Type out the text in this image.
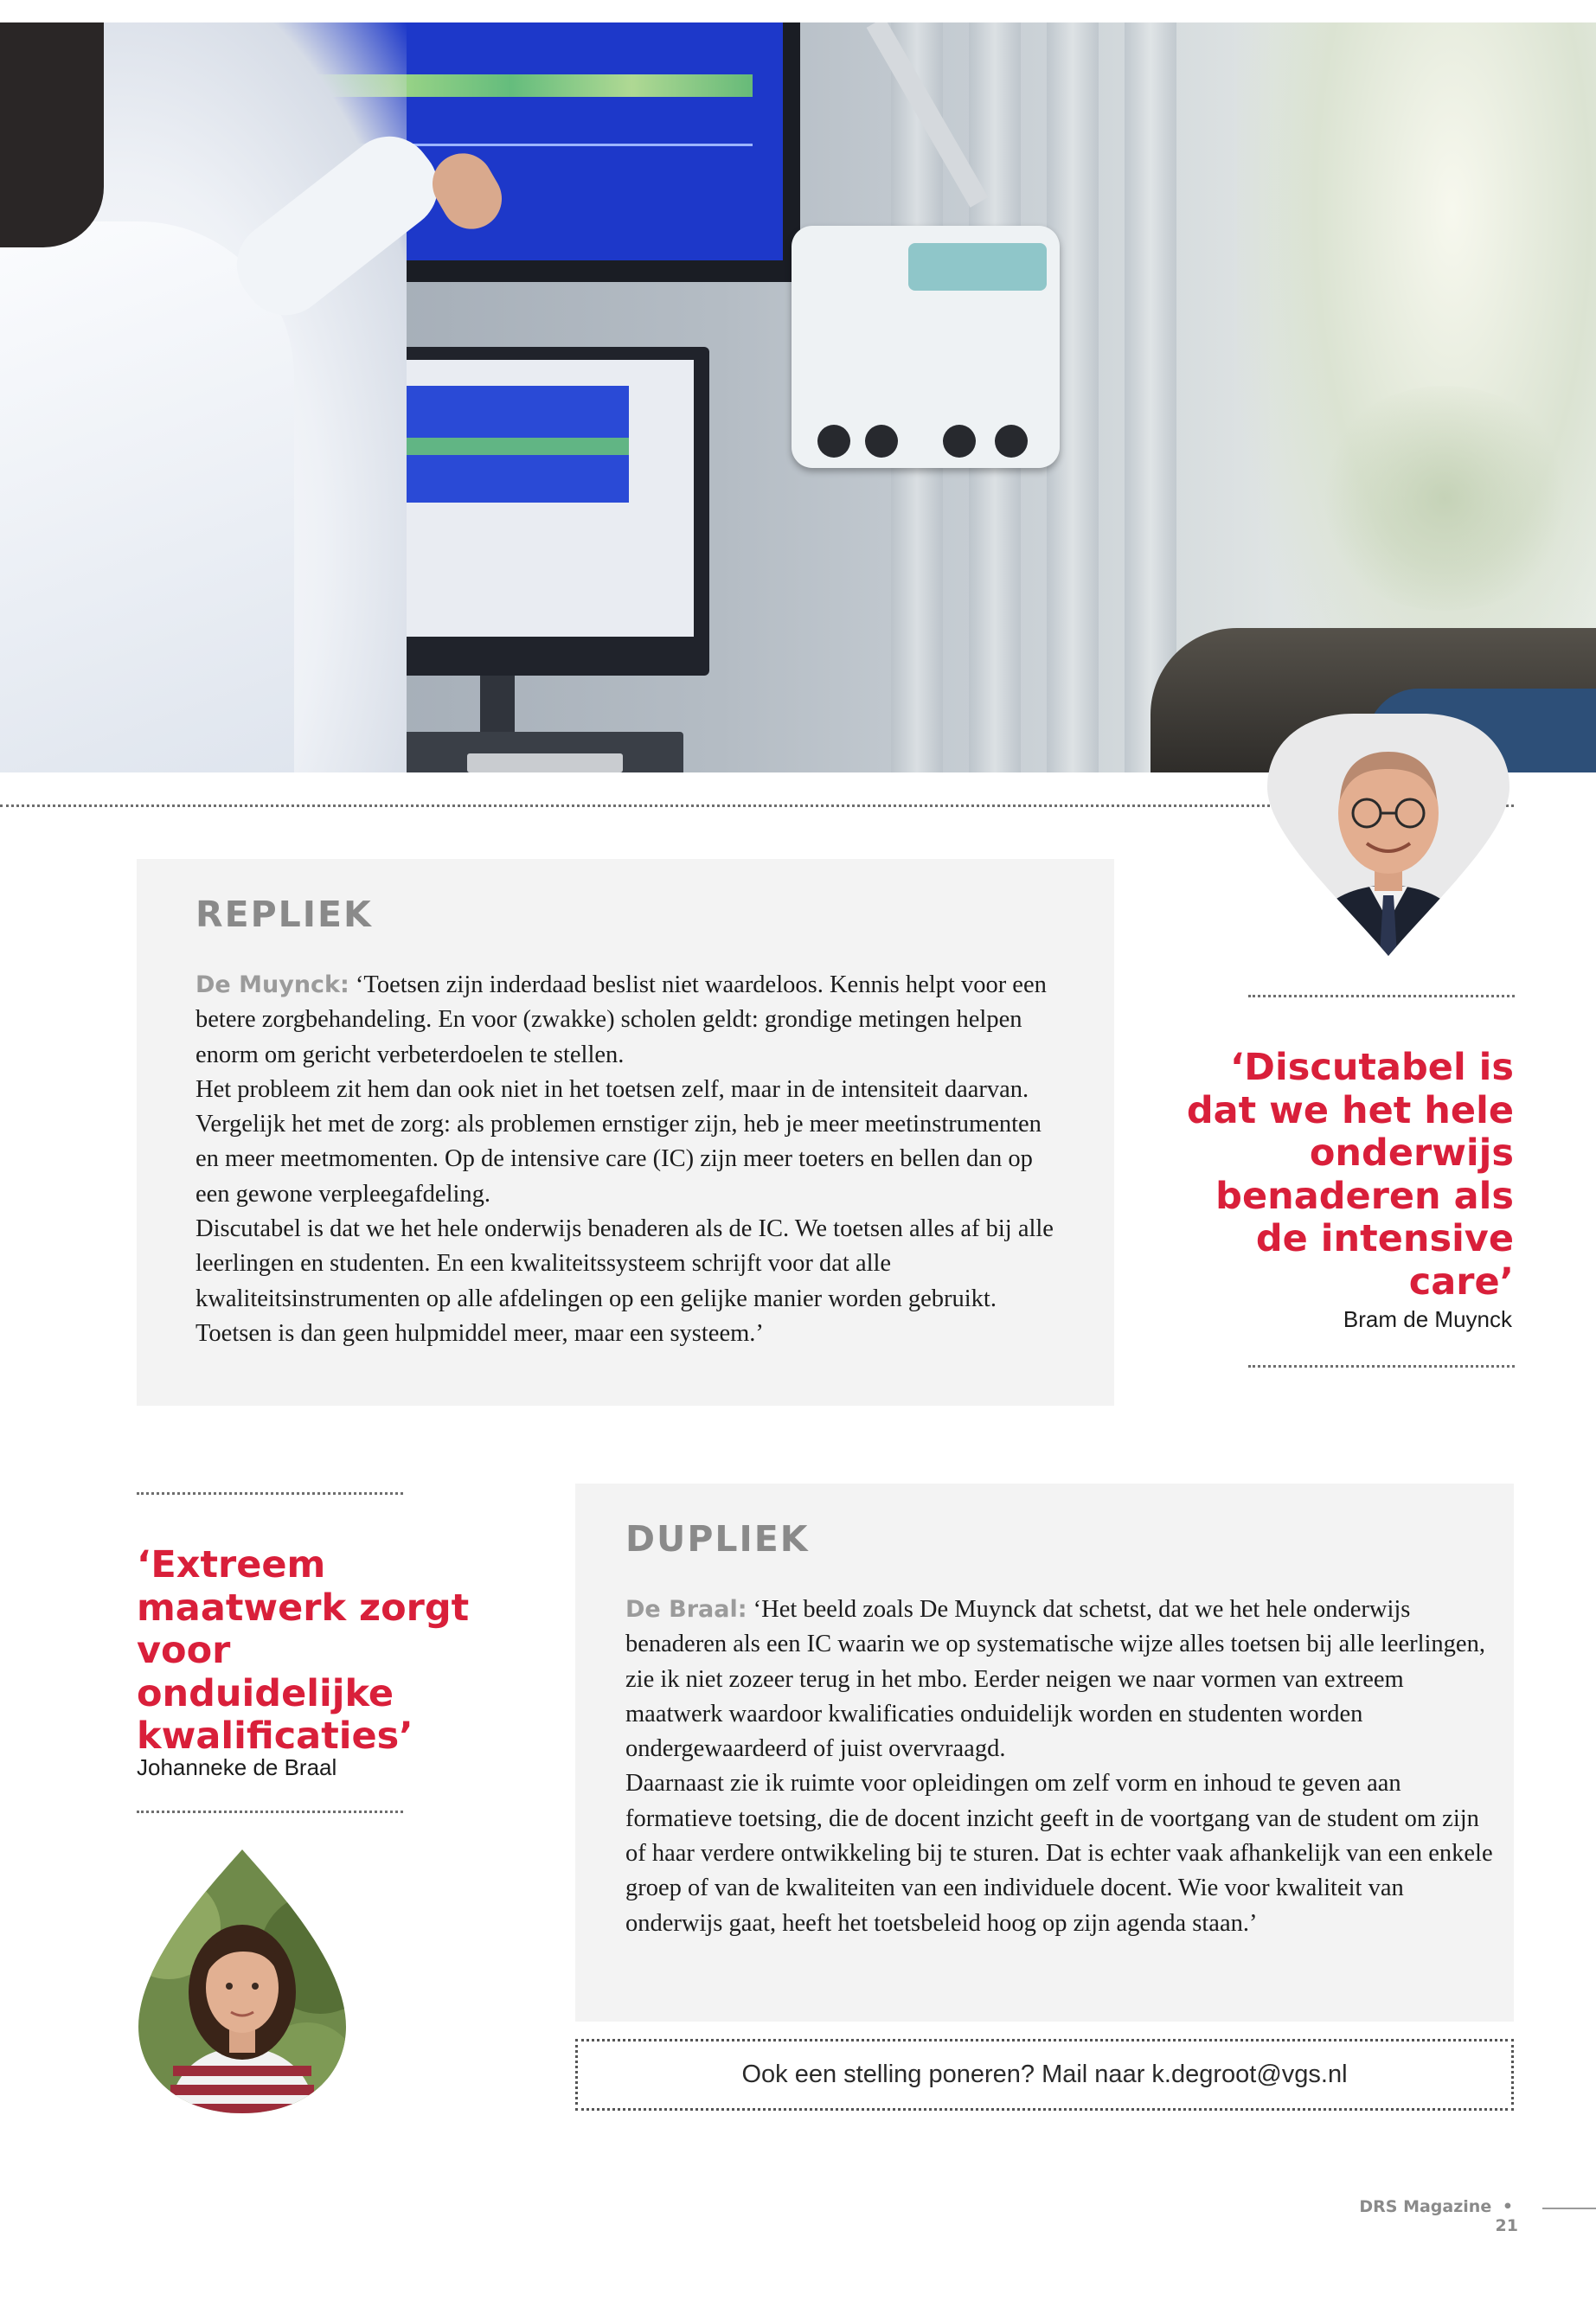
REPLIEK

De Muynck: ‘Toetsen zijn inderdaad beslist niet waardeloos. Kennis helpt voor een betere zorgbehandeling. En voor (zwakke) scholen geldt: grondige metingen helpen enorm om gericht verbeterdoelen te stellen.

Het probleem zit hem dan ook niet in het toetsen zelf, maar in de intensiteit daarvan. Vergelijk het met de zorg: als problemen ernstiger zijn, heb je meer meetinstrumenten en meer meetmomenten. Op de intensive care (IC) zijn meer toeters en bellen dan op een gewone verpleegafdeling.

Discutabel is dat we het hele onderwijs benaderen als de IC. We toetsen alles af bij alle leerlingen en studenten. En een kwaliteitssysteem schrijft voor dat alle kwaliteitsinstrumenten op alle afdelingen op een gelijke manier worden gebruikt. Toetsen is dan geen hulpmiddel meer, maar een systeem.’

‘Discutabel is dat we het hele onderwijs benaderen als de intensive care’

Bram de Muynck

‘Extreem maatwerk zorgt voor onduidelijke kwalificaties’

Johanneke de Braal
DUPLIEK

De Braal: ‘Het beeld zoals De Muynck dat schetst, dat we het hele onderwijs benaderen als een IC waarin we op systematische wijze alles toetsen bij alle leerlingen, zie ik niet zozeer terug in het mbo. Eerder neigen we naar vormen van extreem maatwerk waardoor kwalificaties onduidelijk worden en studenten worden ondergewaardeerd of juist overvraagd.

Daarnaast zie ik ruimte voor opleidingen om zelf vorm en inhoud te geven aan formatieve toetsing, die de docent inzicht geeft in de voortgang van de student om zijn of haar verdere ontwikkeling bij te sturen. Dat is echter vaak afhankelijk van een enkele groep of van de kwaliteiten van een individuele docent. Wie voor kwaliteit van onderwijs gaat, heeft het toetsbeleid hoog op zijn agenda staan.’

Ook een stelling poneren? Mail naar k.degroot@vgs.nl
DRS Magazine • 21
